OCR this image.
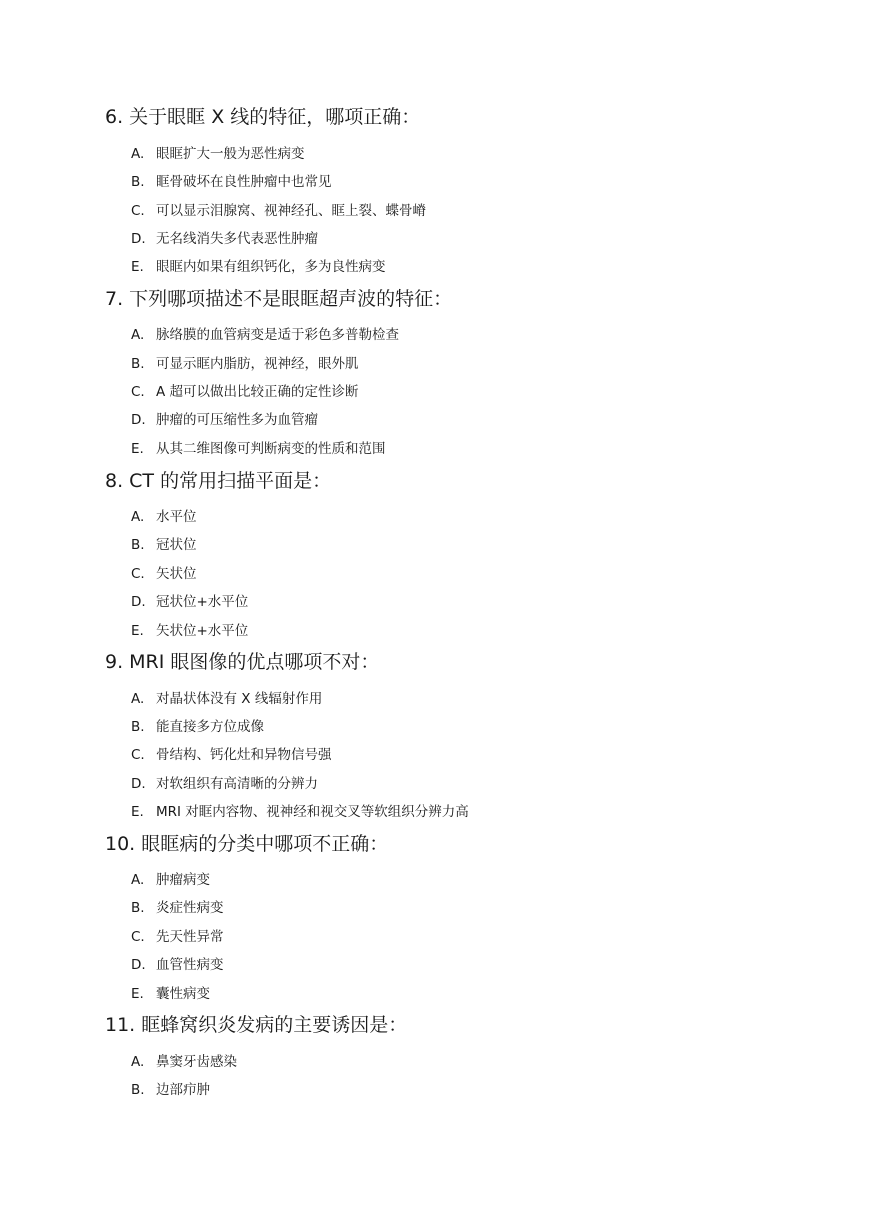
6. 关于眼眶 X 线的特征，哪项正确：
A. 眼眶扩大一般为恶性病变
B. 眶骨破坏在良性肿瘤中也常见
C. 可以显示泪腺窝、视神经孔、眶上裂、蝶骨嵴
D. 无名线消失多代表恶性肿瘤
E. 眼眶内如果有组织钙化，多为良性病变
7. 下列哪项描述不是眼眶超声波的特征：
A. 脉络膜的血管病变是适于彩色多普勒检查
B. 可显示眶内脂肪，视神经，眼外肌
C. A 超可以做出比较正确的定性诊断
D. 肿瘤的可压缩性多为血管瘤
E. 从其二维图像可判断病变的性质和范围
8. CT 的常用扫描平面是：
A. 水平位
B. 冠状位
C. 矢状位
D. 冠状位+水平位
E. 矢状位+水平位
9. MRI 眼图像的优点哪项不对：
A. 对晶状体没有 X 线辐射作用
B. 能直接多方位成像
C. 骨结构、钙化灶和异物信号强
D. 对软组织有高清晰的分辨力
E. MRI 对眶内容物、视神经和视交叉等软组织分辨力高
10. 眼眶病的分类中哪项不正确：
A. 肿瘤病变
B. 炎症性病变
C. 先天性异常
D. 血管性病变
E. 囊性病变
11. 眶蜂窝织炎发病的主要诱因是：
A. 鼻窦牙齿感染
B. 边部疖肿
